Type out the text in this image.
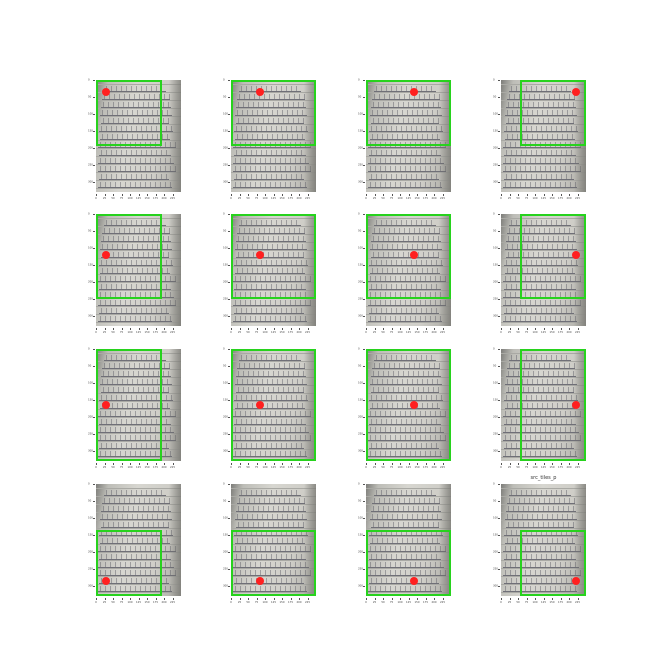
0 25 50 75 100 125 150 175 200 225
0
50
100
150
200
250
300
0 25 50 75 100 125 150 175 200 225
0
50
100
150
200
250
300
0 25 50 75 100 125 150 175 200 225
0
50
100
150
200
250
300
0 25 50 75 100 125 150 175 200 225
0
50
100
150
200
250
300
0 25 50 75 100 125 150 175 200 225
0
50
100
150
200
250
300
0 25 50 75 100 125 150 175 200 225
0
50
100
150
200
250
300
0 25 50 75 100 125 150 175 200 225
0
50
100
150
200
250
300
0 25 50 75 100 125 150 175 200 225
0
50
100
150
200
250
300
0 25 50 75 100 125 150 175 200 225
0
50
100
150
200
250
300
0 25 50 75 100 125 150 175 200 225
0
50
100
150
200
250
300
0 25 50 75 100 125 150 175 200 225
0
50
100
150
200
250
300
0 25 50 75 100 125 150 175 200 225
0
50
100
150
200
250
300
0 25 50 75 100 125 150 175 200 225
0
50
100
150
200
250
300
0 25 50 75 100 125 150 175 200 225
0
50
100
150
200
250
300
0 25 50 75 100 125 150 175 200 225
0
50
100
150
200
250
300
0 25 50 75 100 125 150 175 200 225
0
50
100
150
200
250
300
src_tiles_p
